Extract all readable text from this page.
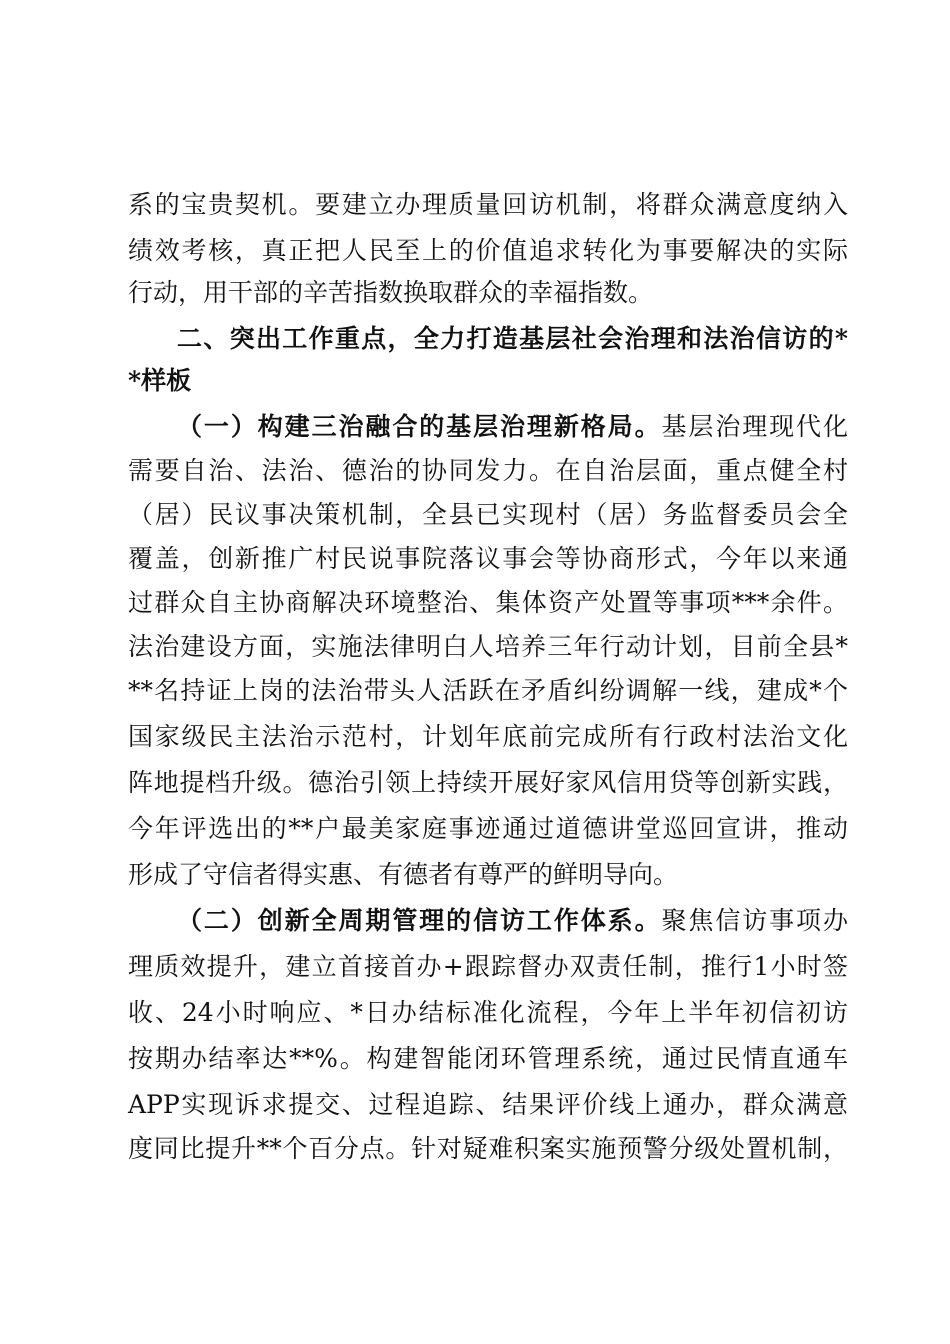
系的宝贵契机。要建立办理质量回访机制，将群众满意度纳入
绩效考核，真正把人民至上的价值追求转化为事要解决的实际
行动，用干部的辛苦指数换取群众的幸福指数。
二、突出工作重点，全力打造基层社会治理和法治信访的*
*样板
（一）构建三治融合的基层治理新格局。基层治理现代化
需要自治、法治、德治的协同发力。在自治层面，重点健全村
（居）民议事决策机制，全县已实现村（居）务监督委员会全
覆盖，创新推广村民说事院落议事会等协商形式，今年以来通
过群众自主协商解决环境整治、集体资产处置等事项***余件。
法治建设方面，实施法律明白人培养三年行动计划，目前全县*
**名持证上岗的法治带头人活跃在矛盾纠纷调解一线，建成*个
国家级民主法治示范村，计划年底前完成所有行政村法治文化
阵地提档升级。德治引领上持续开展好家风信用贷等创新实践，
今年评选出的**户最美家庭事迹通过道德讲堂巡回宣讲，推动
形成了守信者得实惠、有德者有尊严的鲜明导向。
（二）创新全周期管理的信访工作体系。聚焦信访事项办
理质效提升，建立首接首办+跟踪督办双责任制，推行1小时签
收、24小时响应、*日办结标准化流程，今年上半年初信初访
按期办结率达**%。构建智能闭环管理系统，通过民情直通车
APP实现诉求提交、过程追踪、结果评价线上通办，群众满意
度同比提升**个百分点。针对疑难积案实施预警分级处置机制，
